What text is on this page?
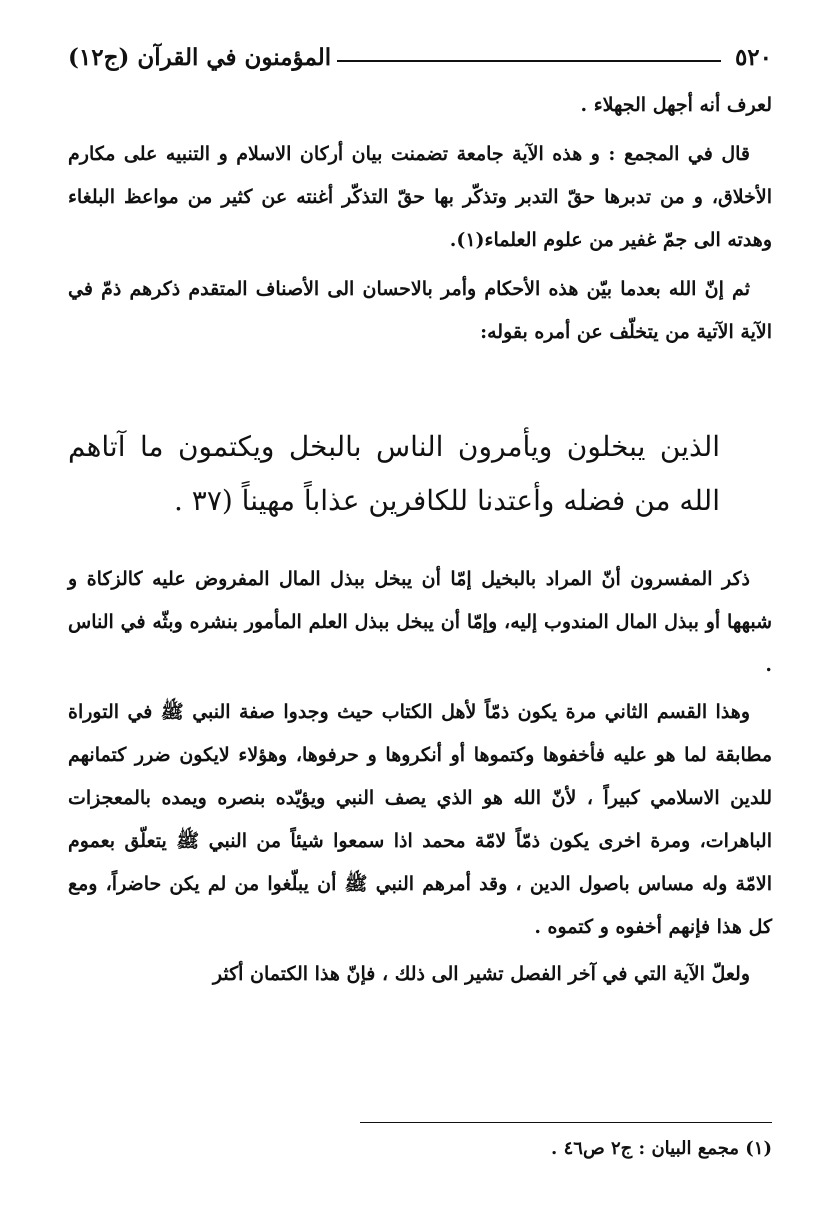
٥٢٠
المؤمنون في القرآن (ج١٢)

لعرف أنه أجهل الجهلاء .

قال في المجمع : و هذه الآية جامعة تضمنت بيان أركان الاسلام و التنبيه على مكارم الأخلاق، و من تدبرها حقّ التدبر وتذكّر بها حقّ التذكّر أغنته عن كثير من مواعظ البلغاء وهدته الى جمّ غفير من علوم العلماء(١).

ثم إنّ الله بعدما بيّن هذه الأحكام وأمر بالاحسان الى الأصناف المتقدم ذكرهم ذمّ في الآية الآتية من يتخلّف عن أمره بقوله:

الذين يبخلون ويأمرون الناس بالبخل ويكتمون ما آتاهم الله من فضله وأعتدنا للكافرين عذاباً مهيناً (٣٧ .

ذكر المفسرون أنّ المراد بالبخيل إمّا أن يبخل ببذل المال المفروض عليه كالزكاة و شبهها أو ببذل المال المندوب إليه، وإمّا أن يبخل ببذل العلم المأمور بنشره وبثّه في الناس .

وهذا القسم الثاني مرة يكون ذمّاً لأهل الكتاب حيث وجدوا صفة النبي ﷺ في التوراة مطابقة لما هو عليه فأخفوها وكتموها أو أنكروها و حرفوها، وهؤلاء لايكون ضرر كتمانهم للدين الاسلامي كبيراً ، لأنّ الله هو الذي يصف النبي ويؤيّده بنصره ويمده بالمعجزات الباهرات، ومرة اخرى يكون ذمّاً لامّة محمد اذا سمعوا شيئاً من النبي ﷺ يتعلّق بعموم الامّة وله مساس باصول الدين ، وقد أمرهم النبي ﷺ أن يبلّغوا من لم يكن حاضراً، ومع كل هذا فإنهم أخفوه و كتموه .

ولعلّ الآية التي في آخر الفصل تشير الى ذلك ، فإنّ هذا الكتمان أكثر

(١) مجمع البيان : ج٢ ص٤٦ .
